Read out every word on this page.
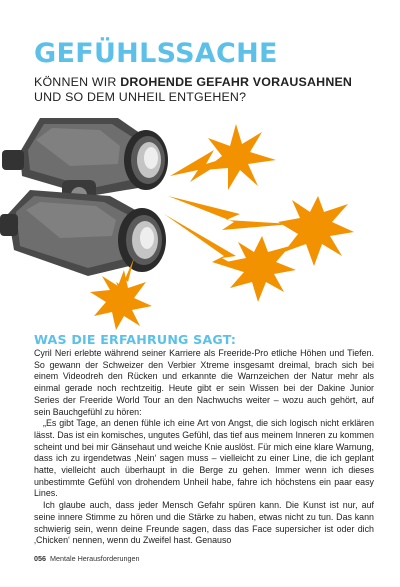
GEFÜHLSSACHE

KÖNNEN WIR DROHENDE GEFAHR VORAUSAHNEN UND SO DEM UNHEIL ENTGEHEN?

WAS DIE ERFAHRUNG SAGT:

Cyril Neri erlebte während seiner Karriere als Freeride-Pro etliche Höhen und Tiefen. So gewann der Schweizer den Verbier Xtreme insgesamt dreimal, brach sich bei einem Videodreh den Rücken und erkannte die Warnzeichen der Natur mehr als einmal gerade noch rechtzeitig. Heute gibt er sein Wissen bei der Dakine Junior Series der Freeride World Tour an den Nachwuchs weiter – wozu auch gehört, auf sein Bauchgefühl zu hören:

„Es gibt Tage, an denen fühle ich eine Art von Angst, die sich logisch nicht erklären lässt. Das ist ein komisches, ungutes Gefühl, das tief aus meinem Inneren zu kommen scheint und bei mir Gänsehaut und weiche Knie auslöst. Für mich eine klare Warnung, dass ich zu irgendetwas ‚Nein‘ sagen muss – vielleicht zu einer Line, die ich geplant hatte, vielleicht auch überhaupt in die Berge zu gehen. Immer wenn ich dieses unbestimmte Gefühl von drohendem Unheil habe, fahre ich höchstens ein paar easy Lines.

Ich glaube auch, dass jeder Mensch Gefahr spüren kann. Die Kunst ist nur, auf seine innere Stimme zu hören und die Stärke zu haben, etwas nicht zu tun. Das kann schwierig sein, wenn deine Freunde sagen, dass das Face supersicher ist oder dich ‚Chicken‘ nennen, wenn du Zweifel hast. Genauso

056 Mentale Herausforderungen
